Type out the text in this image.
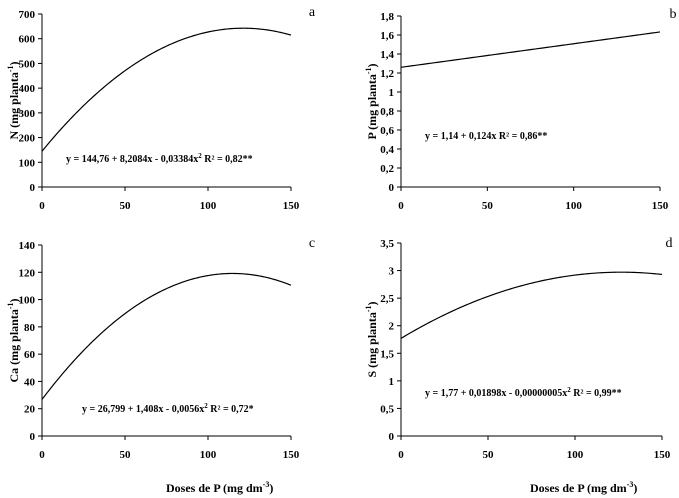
0
100
200
300
400
500
600
700
0	50	100	150
N (mg planta$^{-1}$)
$y = 144,76 + 8,2084x - 0,03384x^2$ R² = 0,82**
a
0
0,2
0,4
0,6
0,8
1
1,2
1,4
1,6
1,8
0	50	100	150
P (mg planta$^{-1}$)
y = 1,14 + 0,124x R² = 0,86**
b
0
20
40
60
80
100
120
140
0	50	100	150
Ca (mg planta$^{-1}$)
Doses de P (mg $dm^{-3}$)
$y = 26,799 + 1,408x - 0,0056x^2$ R² = 0,72*
c
0
0,5
1
1,5
2
2,5
3
3,5
0	50	100	150
S (mg planta$^{-1}$)
Doses de P (mg $dm^{-3}$)
$y = 1,77 + 0,01898x - 0,00000005x^2$ R² = 0,99**
d
